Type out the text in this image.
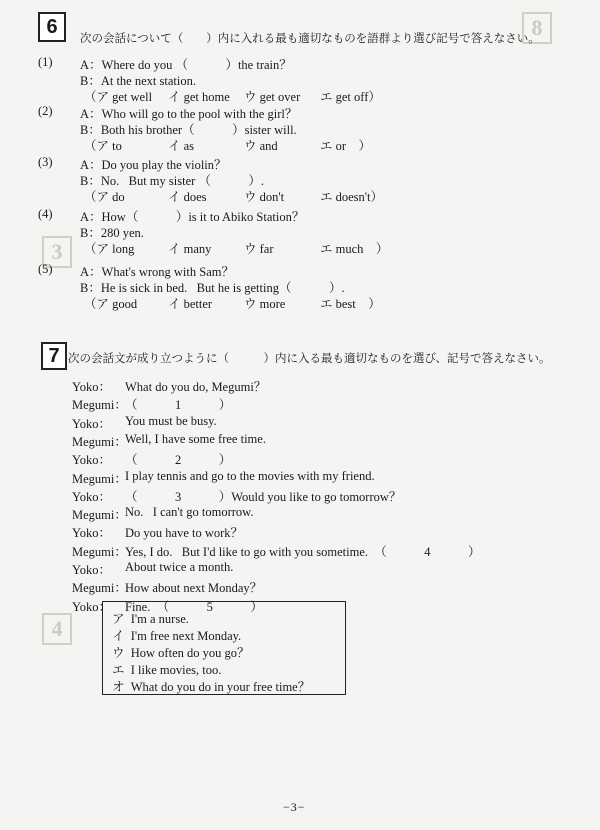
8
3
4
6	次の会話について（　　）内に入れる最も適切なものを語群より選び記号で答えなさい。
(1) A：Where do you （　　　）the train？
B：At the next station.
（ア get well イ get home ウ get over エ get off）
(2) A：Who will go to the pool with the girl？
B：Both his brother（　　　）sister will.
（ア to	イ as	ウ and	エ or　）
(3) A：Do you play the violin？
B：No.   But my sister （　　　）.
（ア do	イ does	ウ don't	エ doesn't）
(4) A：How（　　　）is it to Abiko Station？
B：280 yen.
（ア long	イ many	ウ far	エ much　）
(5) A：What's wrong with Sam？
B：He is sick in bed.   But he is getting（　　　）.
（ア good イ better	ウ more	エ best　）
7 次の会話文が成り立つように（　　　）内に入る最も適切なものを選び、記号で答えなさい。
Yoko： What do you do, Megumi？
Megumi：
（　　　1　　　）
Yoko： You must be busy.
Megumi：
Well, I have some free time.
Yoko： （　　　2　　　）
Megumi：
I play tennis and go to the movies with my friend.
Yoko： （　　　3　　　）Would you like to go tomorrow？
Megumi：
No.   I can't go tomorrow.
Yoko： Do you have to work？
Megumi：
Yes, I do.   But I'd like to go with you sometime.  （　　　4　　　）
Yoko： About twice a month.
Megumi：
How about next Monday？
Yoko： Fine.  （　　　5　　　）
ア  I'm a nurse.
イ  I'm free next Monday.
ウ  How often do you go？
エ  I like movies, too.
オ  What do you do in your free time？
−3−
